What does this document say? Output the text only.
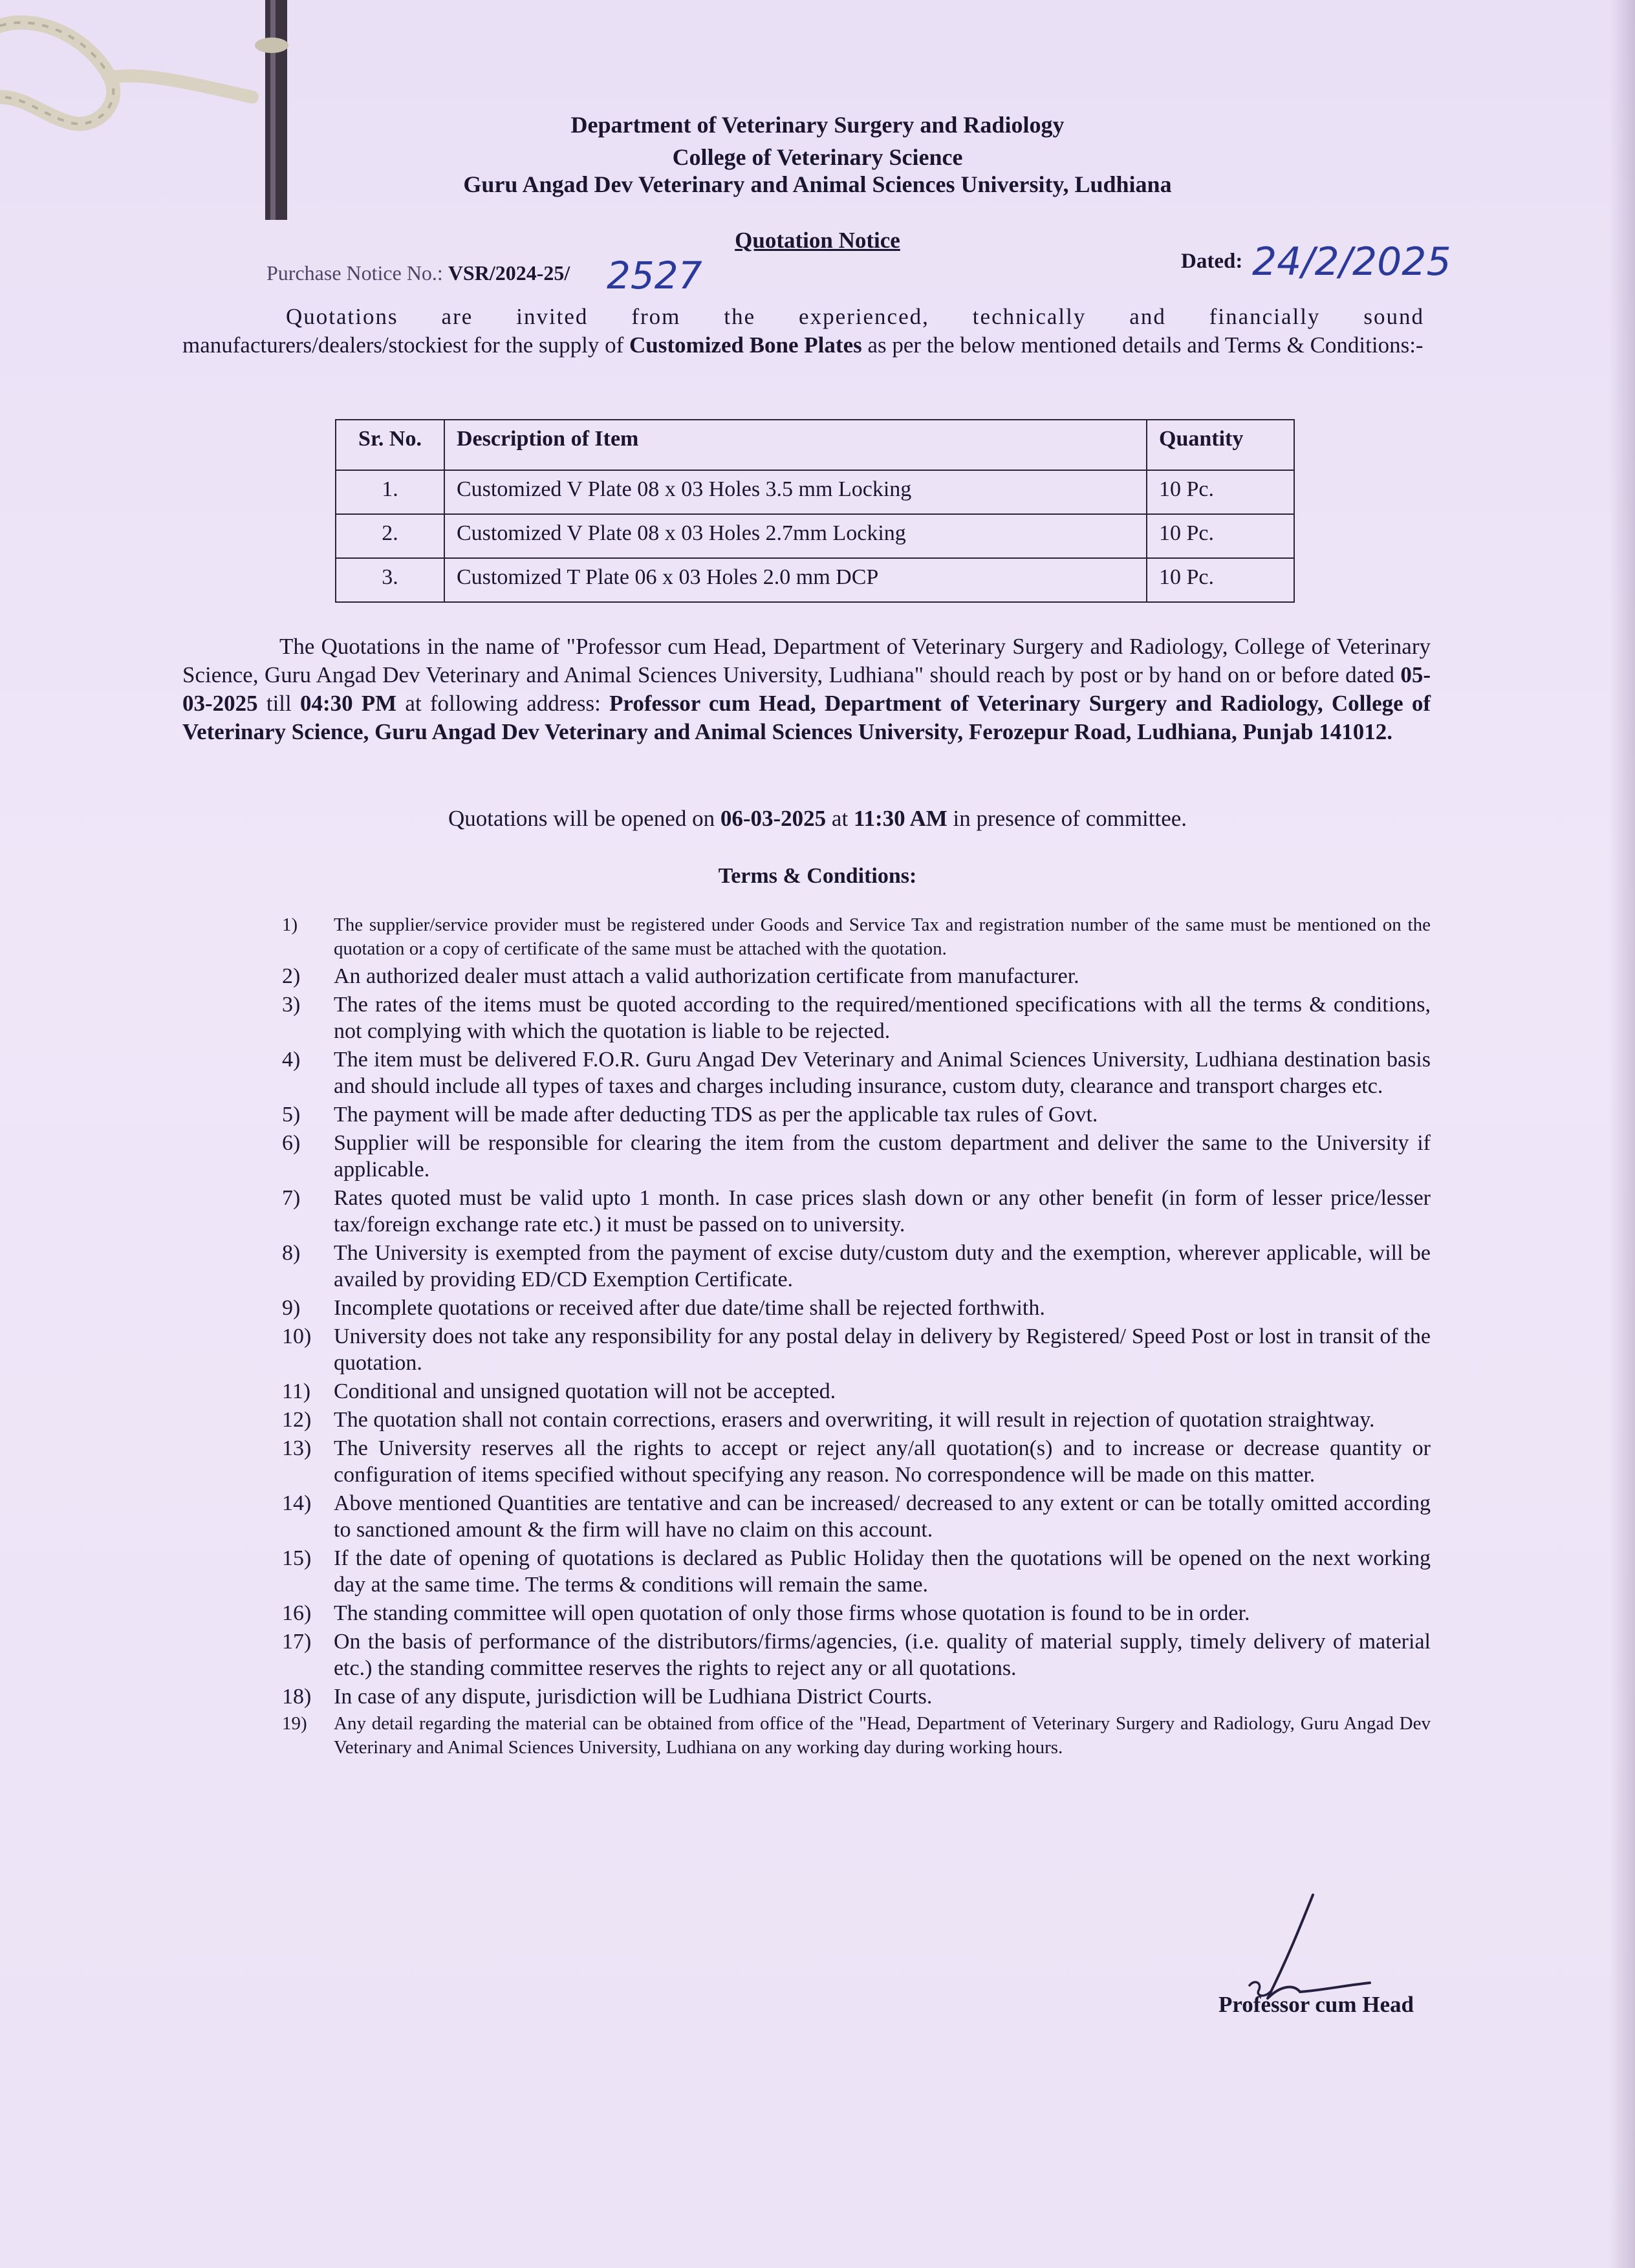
Department of Veterinary Surgery and Radiology
College of Veterinary Science
Guru Angad Dev Veterinary and Animal Sciences University, Ludhiana
Quotation Notice
Purchase Notice No.: VSR/2024-25/ 2527	Dated: 24/2/2025
Quotations are invited from the experienced, technically and financially sound
manufacturers/dealers/stockiest for the supply of Customized Bone Plates as per the below mentioned details and Terms & Conditions:-
Sr. No.	Description of Item	Quantity
1.	Customized V Plate 08 x 03 Holes 3.5 mm Locking	10 Pc.
2.	Customized V Plate 08 x 03 Holes 2.7mm Locking	10 Pc.
3.	Customized T Plate 06 x 03 Holes 2.0 mm DCP	10 Pc.
The Quotations in the name of "Professor cum Head, Department of Veterinary Surgery and Radiology, College of Veterinary Science, Guru Angad Dev Veterinary and Animal Sciences University, Ludhiana" should reach by post or by hand on or before dated 05-03-2025 till 04:30 PM at following address: Professor cum Head, Department of Veterinary Surgery and Radiology, College of Veterinary Science, Guru Angad Dev Veterinary and Animal Sciences University, Ferozepur Road, Ludhiana, Punjab 141012.
Quotations will be opened on 06-03-2025 at 11:30 AM in presence of committee.
Terms & Conditions:
1)	The supplier/service provider must be registered under Goods and Service Tax and registration number of the same must be mentioned on the quotation or a copy of certificate of the same must be attached with the quotation.
2)	An authorized dealer must attach a valid authorization certificate from manufacturer.
3)	The rates of the items must be quoted according to the required/mentioned specifications with all the terms & conditions, not complying with which the quotation is liable to be rejected.
4)	The item must be delivered F.O.R. Guru Angad Dev Veterinary and Animal Sciences University, Ludhiana destination basis and should include all types of taxes and charges including insurance, custom duty, clearance and transport charges etc.
5)	The payment will be made after deducting TDS as per the applicable tax rules of Govt.
6)	Supplier will be responsible for clearing the item from the custom department and deliver the same to the University if applicable.
7)	Rates quoted must be valid upto 1 month. In case prices slash down or any other benefit (in form of lesser price/lesser tax/foreign exchange rate etc.) it must be passed on to university.
8)	The University is exempted from the payment of excise duty/custom duty and the exemption, wherever applicable, will be availed by providing ED/CD Exemption Certificate.
9)	Incomplete quotations or received after due date/time shall be rejected forthwith.
10)	University does not take any responsibility for any postal delay in delivery by Registered/ Speed Post or lost in transit of the quotation.
11)	Conditional and unsigned quotation will not be accepted.
12)	The quotation shall not contain corrections, erasers and overwriting, it will result in rejection of quotation straightway.
13)	The University reserves all the rights to accept or reject any/all quotation(s) and to increase or decrease quantity or configuration of items specified without specifying any reason. No correspondence will be made on this matter.
14)	Above mentioned Quantities are tentative and can be increased/ decreased to any extent or can be totally omitted according to sanctioned amount & the firm will have no claim on this account.
15)	If the date of opening of quotations is declared as Public Holiday then the quotations will be opened on the next working day at the same time. The terms & conditions will remain the same.
16)	The standing committee will open quotation of only those firms whose quotation is found to be in order.
17)	On the basis of performance of the distributors/firms/agencies, (i.e. quality of material supply, timely delivery of material etc.) the standing committee reserves the rights to reject any or all quotations.
18)	In case of any dispute, jurisdiction will be Ludhiana District Courts.
19)	Any detail regarding the material can be obtained from office of the "Head, Department of Veterinary Surgery and Radiology, Guru Angad Dev Veterinary and Animal Sciences University, Ludhiana on any working day during working hours.
Professor cum Head
